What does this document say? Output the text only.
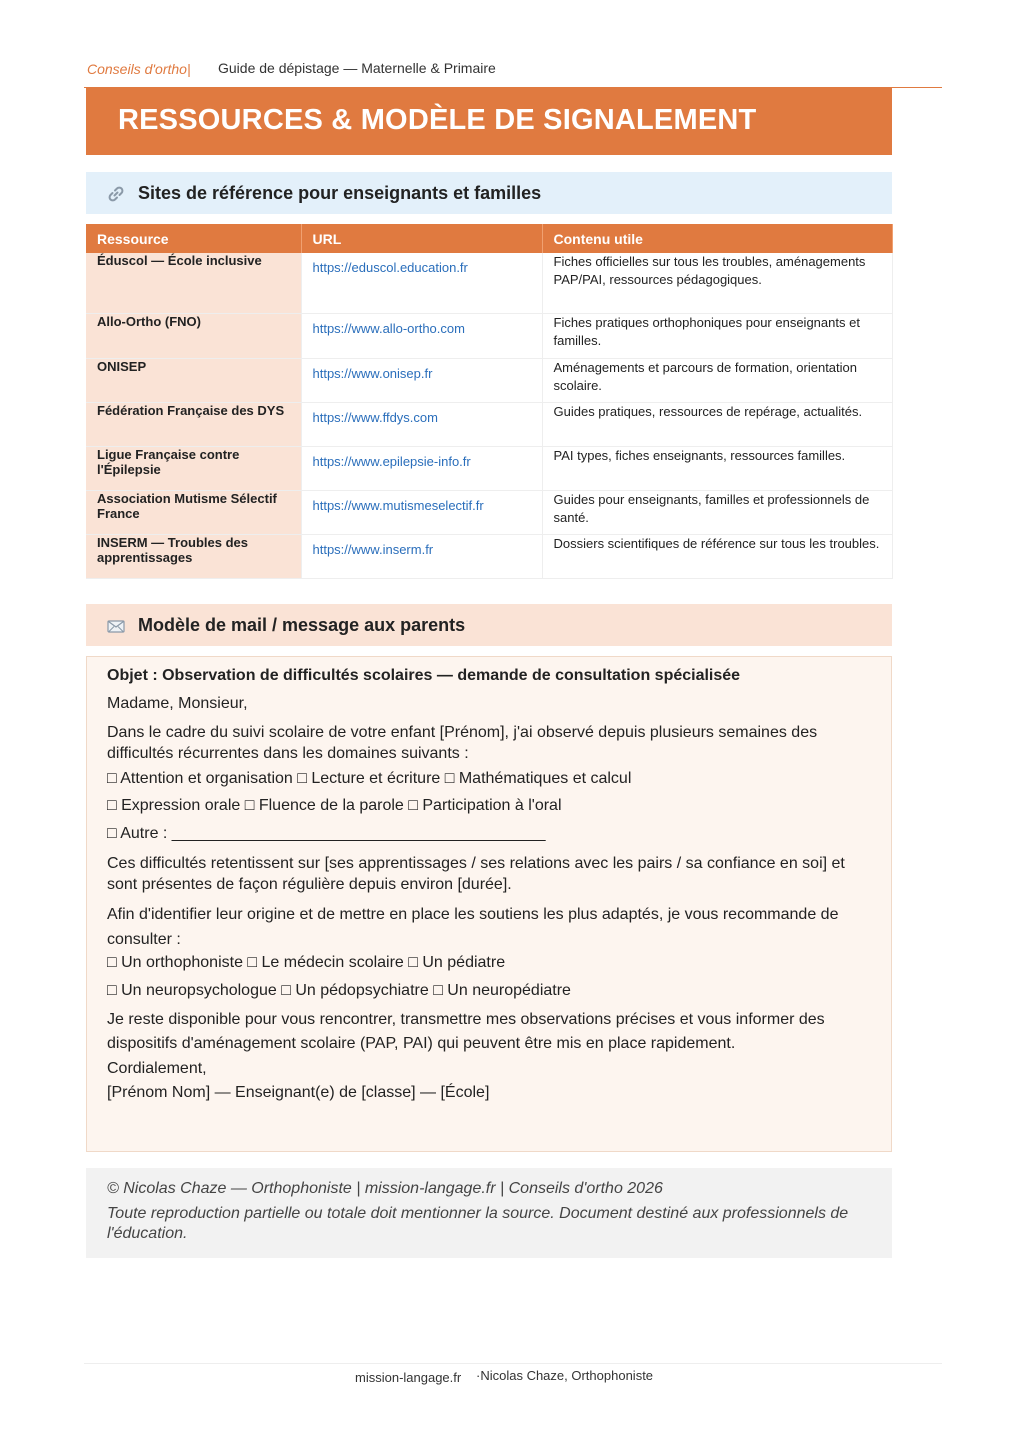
Conseils d'ortho| Guide de dépistage — Maternelle & Primaire
RESSOURCES & MODÈLE DE SIGNALEMENT
Sites de référence pour enseignants et familles
Ressource	URL	Contenu utile
Éduscol — École inclusive	https://eduscol.education.fr	Fiches officielles sur tous les troubles, aménagements PAP/PAI, ressources pédagogiques.
Allo-Ortho (FNO)	https://www.allo-ortho.com	Fiches pratiques orthophoniques pour enseignants et familles.
ONISEP	https://www.onisep.fr	Aménagements et parcours de formation, orientation scolaire.
Fédération Française des DYS	https://www.ffdys.com	Guides pratiques, ressources de repérage, actualités.
Ligue Française contre l'Épilepsie	https://www.epilepsie-info.fr	PAI types, fiches enseignants, ressources familles.
Association Mutisme Sélectif France	https://www.mutismeselectif.fr	Guides pour enseignants, familles et professionnels de santé.
INSERM — Troubles des apprentissages	https://www.inserm.fr	Dossiers scientifiques de référence sur tous les troubles.
Modèle de mail / message aux parents
Objet : Observation de difficultés scolaires — demande de consultation spécialisée
Madame, Monsieur,
Dans le cadre du suivi scolaire de votre enfant [Prénom], j'ai observé depuis plusieurs semaines des difficultés récurrentes dans les domaines suivants :
□ Attention et organisation □ Lecture et écriture □ Mathématiques et calcul
□ Expression orale □ Fluence de la parole □ Participation à l'oral
□ Autre : __________________________________________
Ces difficultés retentissent sur [ses apprentissages / ses relations avec les pairs / sa confiance en soi] et sont présentes de façon régulière depuis environ [durée].
Afin d'identifier leur origine et de mettre en place les soutiens les plus adaptés, je vous recommande de consulter :
□ Un orthophoniste □ Le médecin scolaire □ Un pédiatre
□ Un neuropsychologue □ Un pédopsychiatre □ Un neuropédiatre
Je reste disponible pour vous rencontrer, transmettre mes observations précises et vous informer des dispositifs d'aménagement scolaire (PAP, PAI) qui peuvent être mis en place rapidement.
Cordialement,
[Prénom Nom] — Enseignant(e) de [classe] — [École]
© Nicolas Chaze — Orthophoniste | mission-langage.fr | Conseils d'ortho 2026
Toute reproduction partielle ou totale doit mentionner la source. Document destiné aux professionnels de l'éducation.
mission-langage.fr ·Nicolas Chaze, Orthophoniste
